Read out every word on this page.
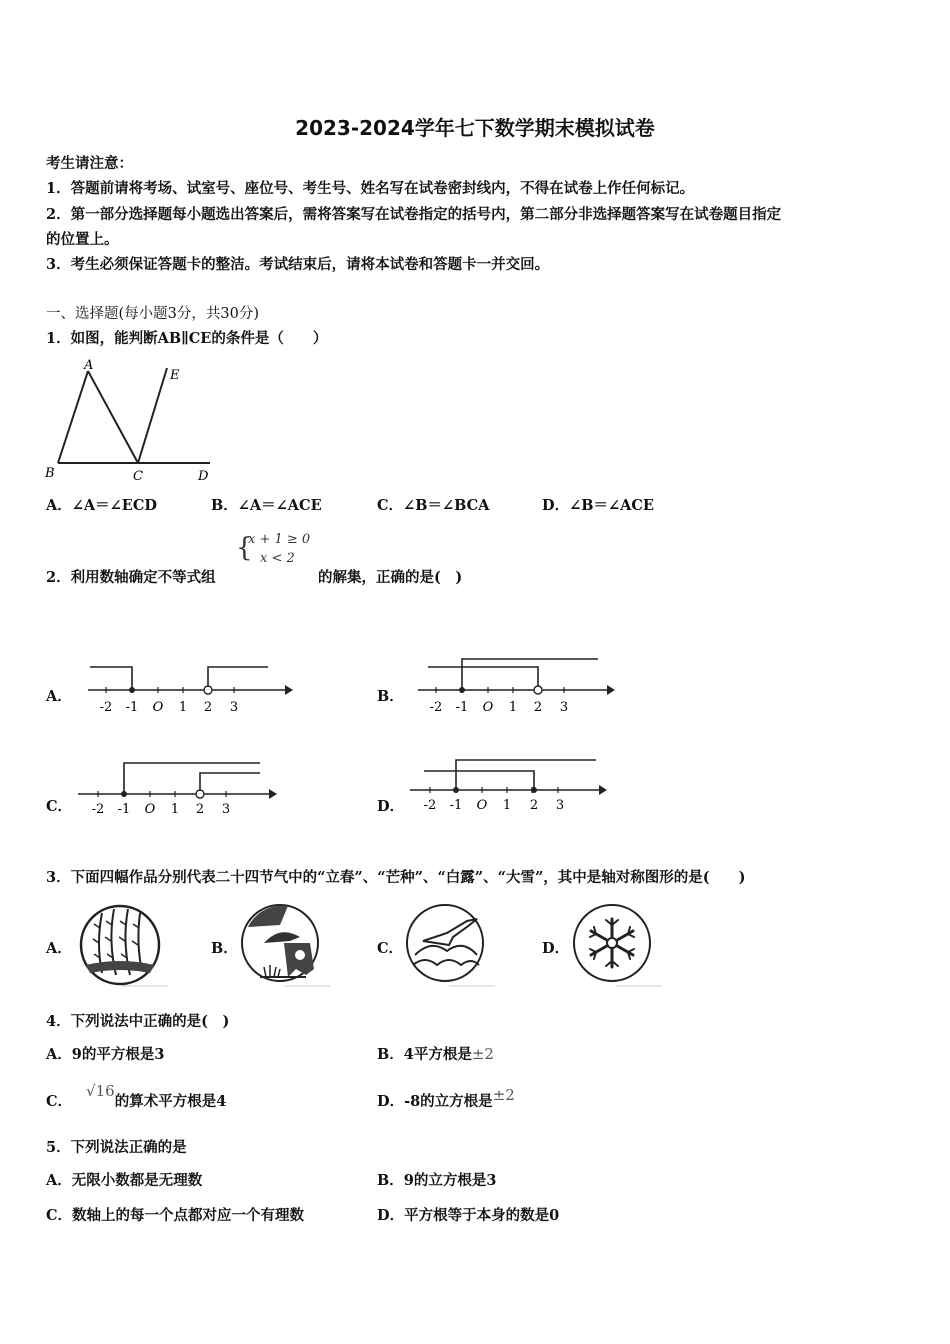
2023-2024学年七下数学期末模拟试卷
考生请注意：
1．答题前请将考场、试室号、座位号、考生号、姓名写在试卷密封线内，不得在试卷上作任何标记。
2．第一部分选择题每小题选出答案后，需将答案写在试卷指定的括号内，第二部分非选择题答案写在试卷题目指定
的位置上。
3．考生必须保证答题卡的整洁。考试结束后，请将本试卷和答题卡一并交回。
一、选择题(每小题3分，共30分)
1．如图，能判断AB∥CE的条件是（　　）
A
E
B	C	D
A．∠A＝∠ECD	B．∠A＝∠ACE	C．∠B＝∠BCA	D．∠B＝∠ACE
2．利用数轴确定不等式组
{
x + 1 ≥ 0
x < 2
的解集，正确的是(　)
A．
-2 -1 O 1 2 3
B．
-2 -1 O 1 2 3
C． -2 -1 O 1 2 3	D． -2 -1 O 1 2 3
3．下面四幅作品分别代表二十四节气中的“立春”、“芒种”、“白露”、“大雪”，其中是轴对称图形的是(　　)
A．	B．	C．	D．
4．下列说法中正确的是(　)
A．9的平方根是3	B．4平方根是±2
C．√16的算术平方根是4	D．-8的立方根是±2
5．下列说法正确的是
A．无限小数都是无理数	B．9的立方根是3
C．数轴上的每一个点都对应一个有理数	D．平方根等于本身的数是0
